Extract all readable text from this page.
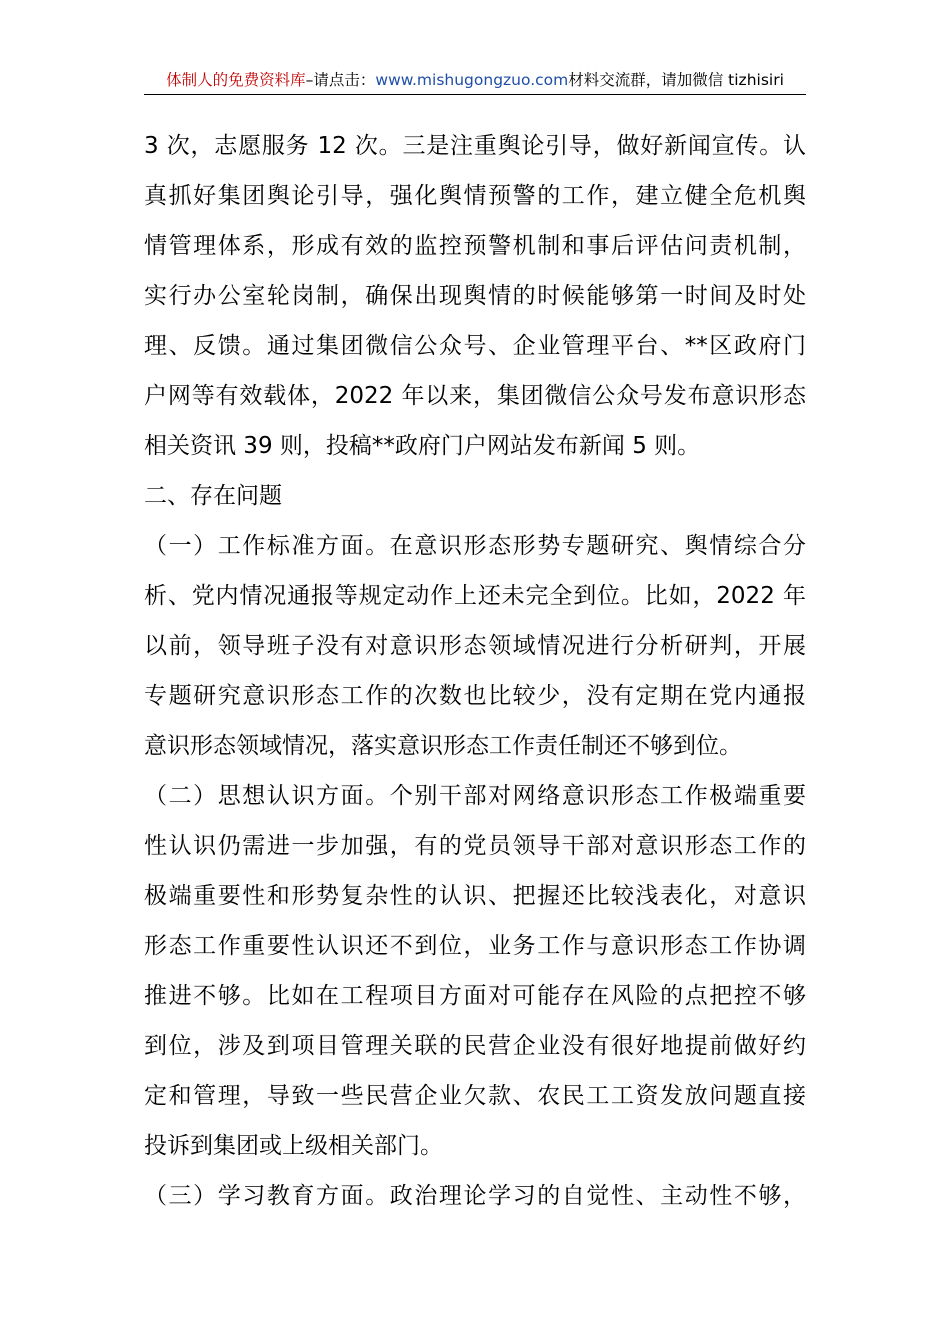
体制人的免费资料库–请点击：www.mishugongzuo.com材料交流群，请加微信 tizhisiri
3 次，志愿服务 12 次。三是注重舆论引导，做好新闻宣传。认
真抓好集团舆论引导，强化舆情预警的工作，建立健全危机舆
情管理体系，形成有效的监控预警机制和事后评估问责机制，
实行办公室轮岗制，确保出现舆情的时候能够第一时间及时处
理、反馈。通过集团微信公众号、企业管理平台、**区政府门
户网等有效载体，2022 年以来，集团微信公众号发布意识形态
相关资讯 39 则，投稿**政府门户网站发布新闻 5 则。
二、存在问题
（一）工作标准方面。在意识形态形势专题研究、舆情综合分
析、党内情况通报等规定动作上还未完全到位。比如，2022 年
以前，领导班子没有对意识形态领域情况进行分析研判，开展
专题研究意识形态工作的次数也比较少，没有定期在党内通报
意识形态领域情况，落实意识形态工作责任制还不够到位。
（二）思想认识方面。个别干部对网络意识形态工作极端重要
性认识仍需进一步加强，有的党员领导干部对意识形态工作的
极端重要性和形势复杂性的认识、把握还比较浅表化，对意识
形态工作重要性认识还不到位，业务工作与意识形态工作协调
推进不够。比如在工程项目方面对可能存在风险的点把控不够
到位，涉及到项目管理关联的民营企业没有很好地提前做好约
定和管理，导致一些民营企业欠款、农民工工资发放问题直接
投诉到集团或上级相关部门。
（三）学习教育方面。政治理论学习的自觉性、主动性不够，
